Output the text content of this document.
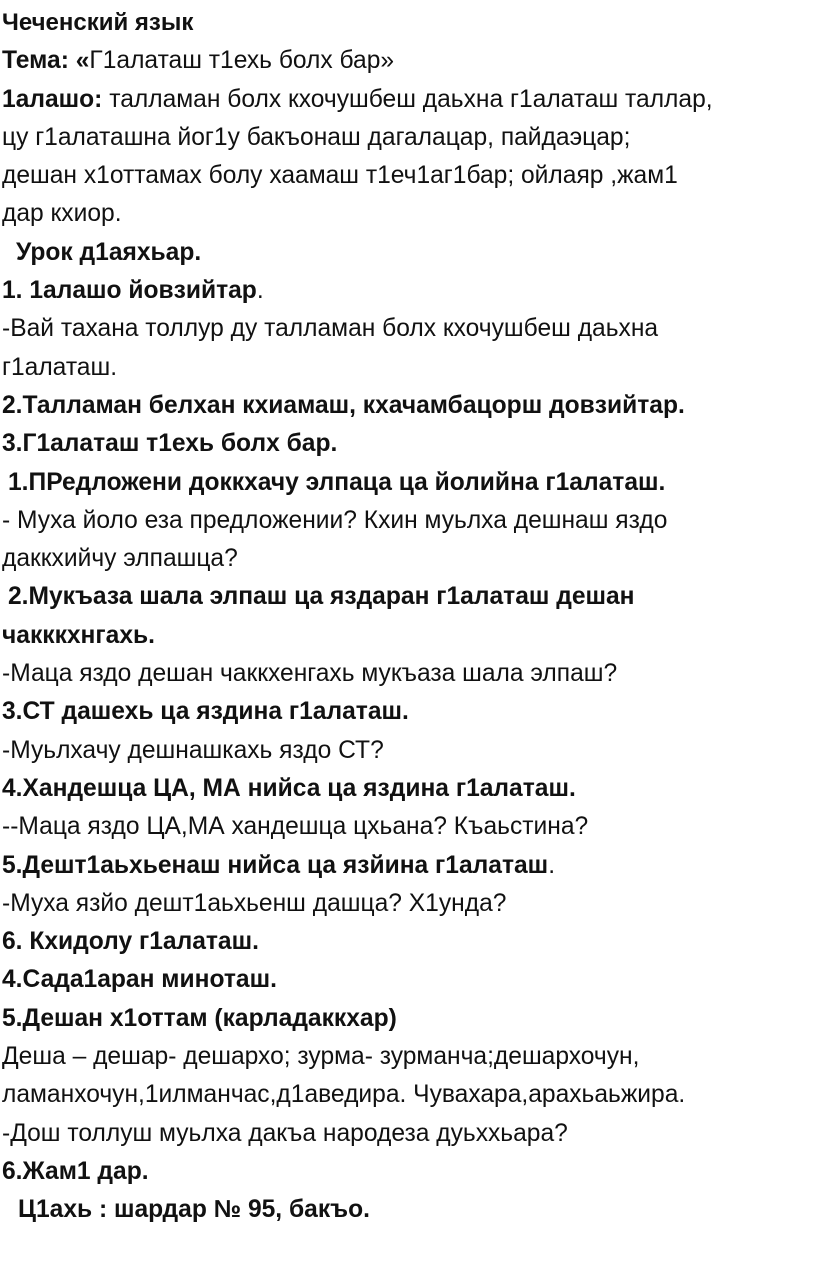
Чеченский язык
Тема: «Г1алаташ т1ехь болх бар»
1алашо: талламан болх кхочушбеш даьхна г1алаташ таллар,
цу г1алаташна йог1у бакъонаш дагалацар, пайдаэцар;
дешан х1оттамах болу хаамаш т1еч1аг1бар; ойлаяр ,жам1
дар кхиор.
Урок д1аяхьар.
1. 1алашо йовзийтар.
-Вай тахана толлур ду талламан болх кхочушбеш даьхна
г1алаташ.
2.Талламан белхан кхиамаш, кхачамбацорш довзийтар.
3.Г1алаташ т1ехь болх бар.
1.ПРедложени доккхачу элпаца ца йолийна г1алаташ.
- Муха йоло еза предложении? Кхин муьлха дешнаш яздо
даккхийчу элпашца?
2.Мукъаза шала элпаш ца яздаран г1алаташ дешан
чакккхнгахь.
-Маца яздо дешан чаккхенгахь мукъаза шала элпаш?
3.СТ дашехь ца яздина г1алаташ.
-Муьлхачу дешнашкахь яздо СТ?
4.Хандешца ЦА, МА нийса ца яздина г1алаташ.
--Маца яздо ЦА,МА хандешца цхьана? Къаьстина?
5.Дешт1аьхьенаш нийса ца язйина г1алаташ.
-Муха язйо дешт1аьхьенш дашца? Х1унда?
6. Кхидолу г1алаташ.
4.Сада1аран миноташ.
5.Дешан х1оттам (карладаккхар)
Деша – дешар- дешархо; зурма- зурманча;дешархочун,
ламанхочун,1илманчас,д1аведира. Чувахара,арахьаьжира.
-Дош толлуш муьлха дакъа народеза дуьххьара?
6.Жам1 дар.
Ц1ахь : шардар № 95, бакъо.
